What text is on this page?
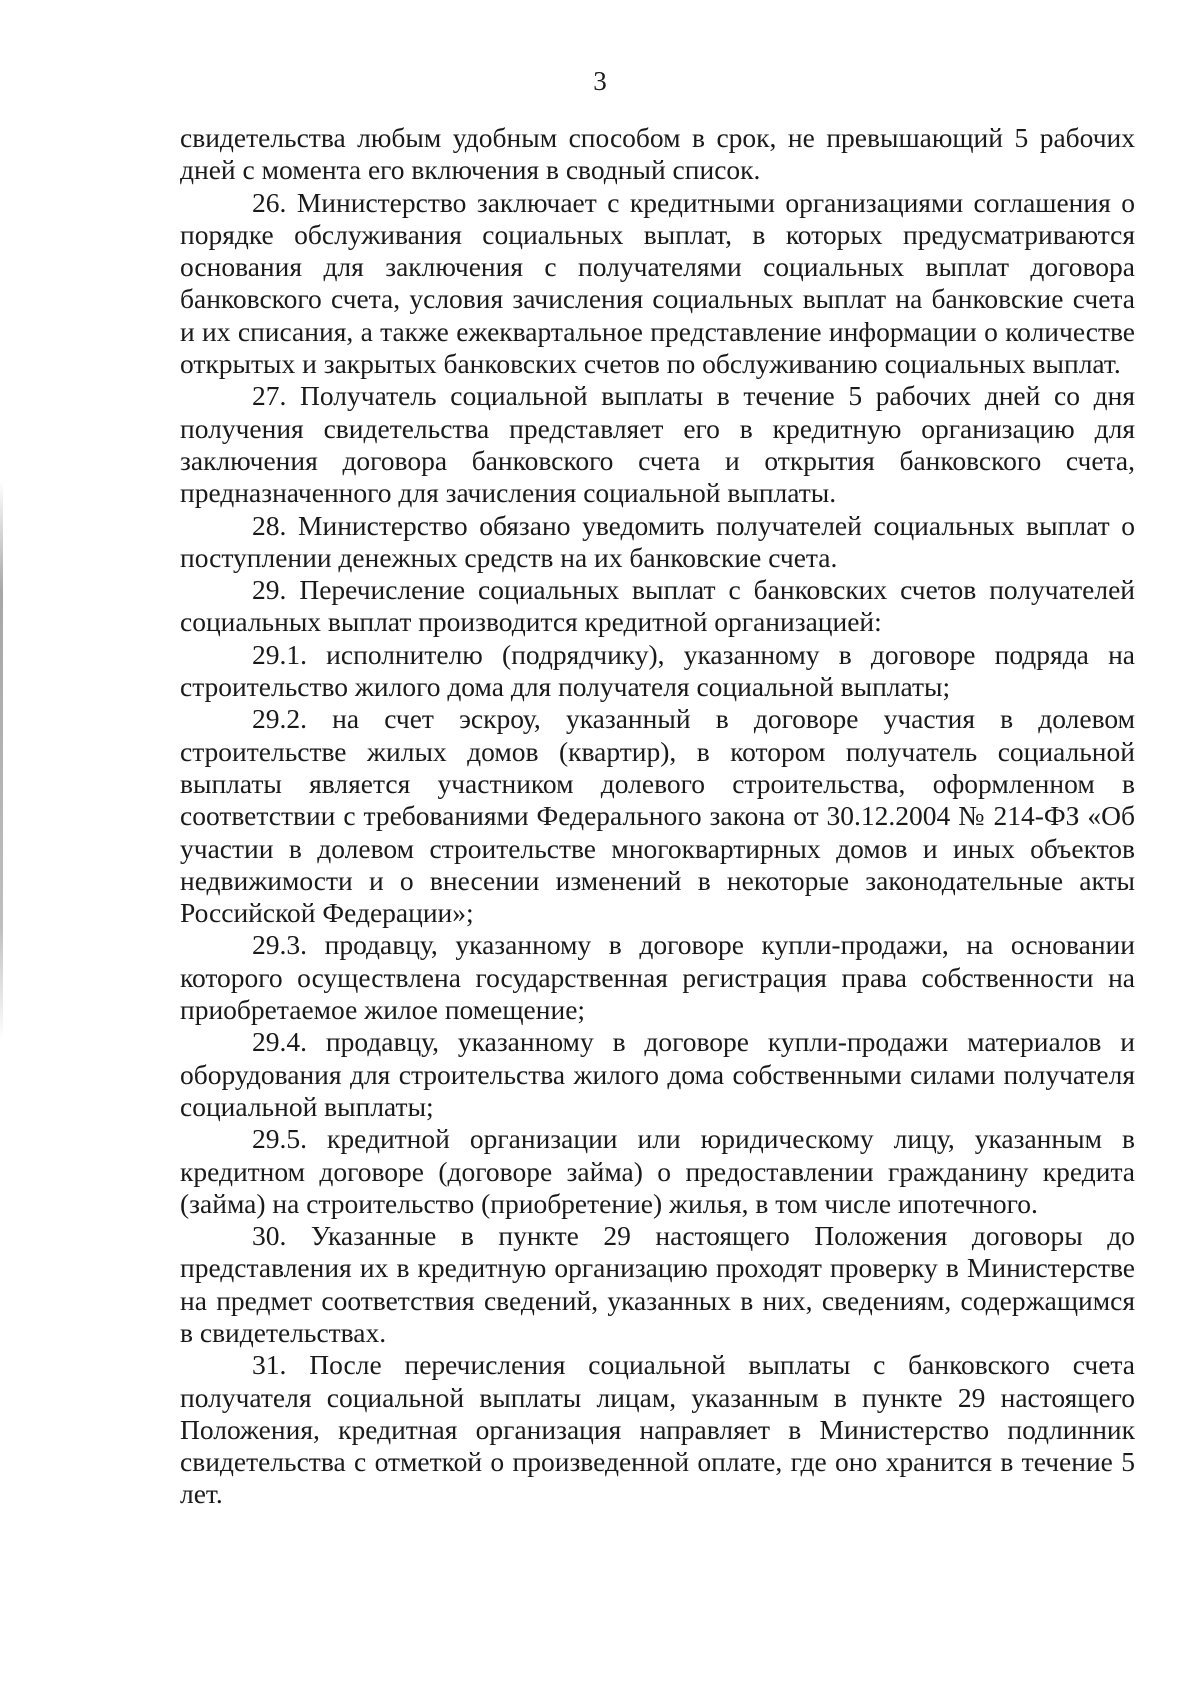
3

свидетельства любым удобным способом в срок, не превышающий 5 рабочих дней с момента его включения в сводный список.

26. Министерство заключает с кредитными организациями соглашения о порядке обслуживания социальных выплат, в которых предусматриваются основания для заключения с получателями социальных выплат договора банковского счета, условия зачисления социальных выплат на банковские счета и их списания, а также ежеквартальное представление информации о количестве открытых и закрытых банковских счетов по обслуживанию социальных выплат.

27. Получатель социальной выплаты в течение 5 рабочих дней со дня получения свидетельства представляет его в кредитную организацию для заключения договора банковского счета и открытия банковского счета, предназначенного для зачисления социальной выплаты.

28. Министерство обязано уведомить получателей социальных выплат о поступлении денежных средств на их банковские счета.

29. Перечисление социальных выплат с банковских счетов получателей социальных выплат производится кредитной организацией:

29.1. исполнителю (подрядчику), указанному в договоре подряда на строительство жилого дома для получателя социальной выплаты;

29.2. на счет эскроу, указанный в договоре участия в долевом строительстве жилых домов (квартир), в котором получатель социальной выплаты является участником долевого строительства, оформленном в соответствии с требованиями Федерального закона от 30.12.2004 № 214-ФЗ «Об участии в долевом строительстве многоквартирных домов и иных объектов недвижимости и о внесении изменений в некоторые законодательные акты Российской Федерации»;

29.3. продавцу, указанному в договоре купли-продажи, на основании которого осуществлена государственная регистрация права собственности на приобретаемое жилое помещение;

29.4. продавцу, указанному в договоре купли-продажи материалов и оборудования для строительства жилого дома собственными силами получателя социальной выплаты;

29.5. кредитной организации или юридическому лицу, указанным в кредитном договоре (договоре займа) о предоставлении гражданину кредита (займа) на строительство (приобретение) жилья, в том числе ипотечного.

30. Указанные в пункте 29 настоящего Положения договоры до представления их в кредитную организацию проходят проверку в Министерстве на предмет соответствия сведений, указанных в них, сведениям, содержащимся в свидетельствах.

31. После перечисления социальной выплаты с банковского счета получателя социальной выплаты лицам, указанным в пункте 29 настоящего Положения, кредитная организация направляет в Министерство подлинник свидетельства с отметкой о произведенной оплате, где оно хранится в течение 5 лет.
